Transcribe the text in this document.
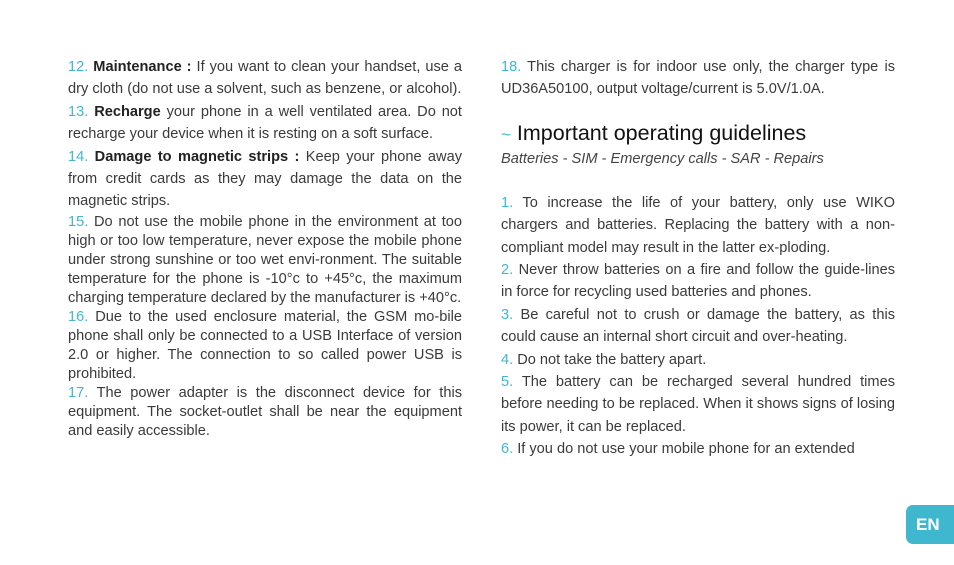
12. Maintenance : If you want to clean your handset, use a dry cloth (do not use a solvent, such as benzene, or alcohol).

13. Recharge your phone in a well ventilated area. Do not recharge your device when it is resting on a soft surface.

14. Damage to magnetic strips : Keep your phone away from credit cards as they may damage the data on the magnetic strips.

15. Do not use the mobile phone in the environment at too high or too low temperature, never expose the mobile phone under strong sunshine or too wet envi-ronment. The suitable temperature for the phone is -10°c to +45°c, the maximum charging temperature declared by the manufacturer is +40°c.

16. Due to the used enclosure material, the GSM mo-bile phone shall only be connected to a USB Interface of version 2.0 or higher. The connection to so called power USB is prohibited.

17. The power adapter is the disconnect device for this equipment. The socket-outlet shall be near the equipment and easily accessible.

18. This charger is for indoor use only, the charger type is UD36A50100, output voltage/current is 5.0V/1.0A.

~ Important operating guidelines
Batteries - SIM - Emergency calls - SAR - Repairs

1. To increase the life of your battery, only use WIKO chargers and batteries. Replacing the battery with a non-compliant model may result in the latter ex-ploding.

2. Never throw batteries on a fire and follow the guide-lines in force for recycling used batteries and phones.

3. Be careful not to crush or damage the battery, as this could cause an internal short circuit and over-heating.

4. Do not take the battery apart.

5. The battery can be recharged several hundred times before needing to be replaced. When it shows signs of losing its power, it can be replaced.

6. If you do not use your mobile phone for an extended

EN
